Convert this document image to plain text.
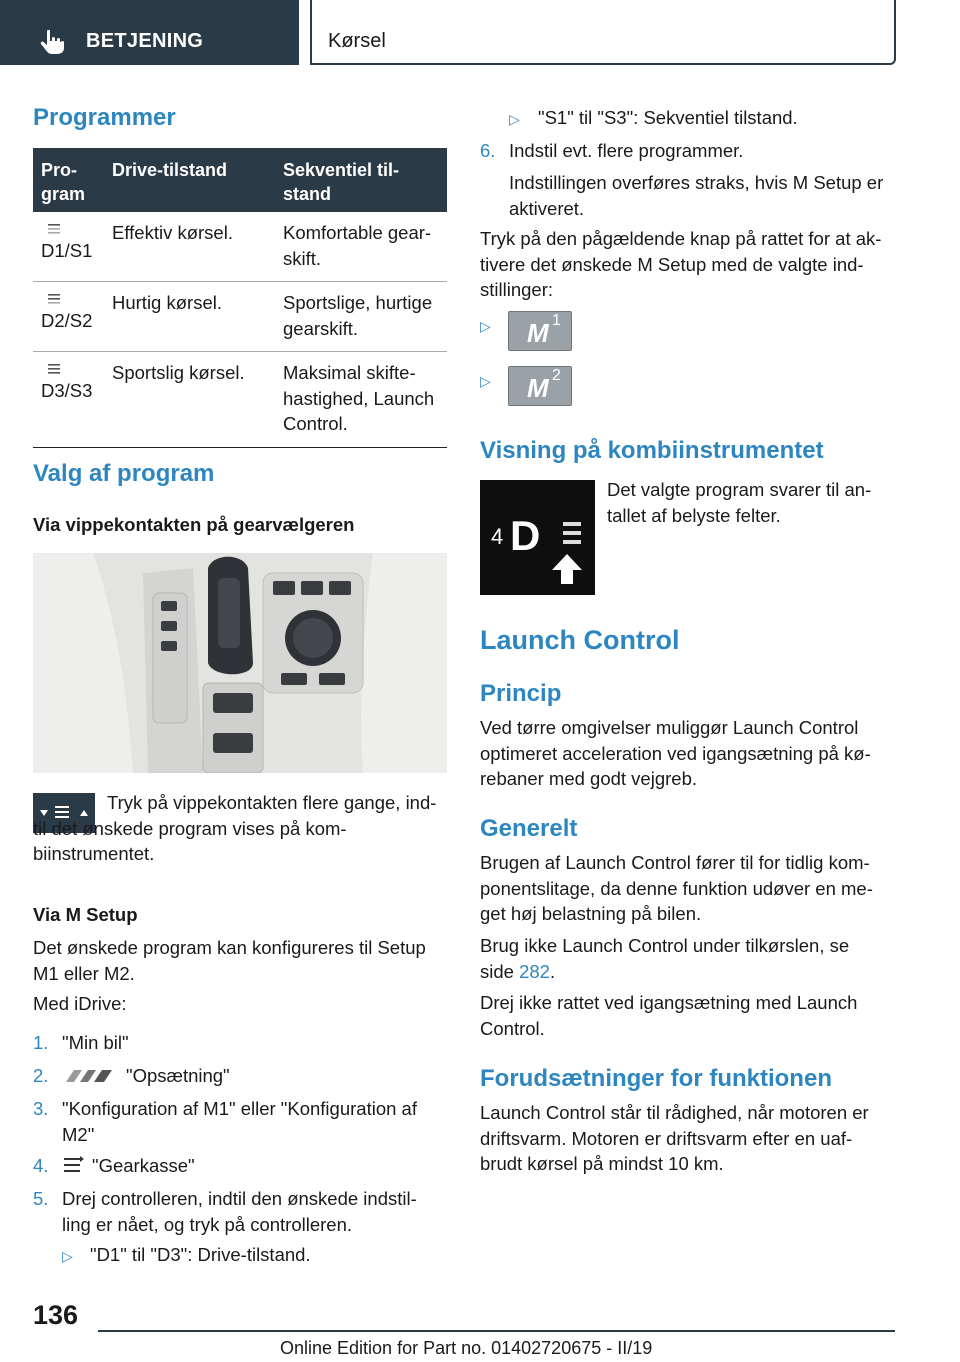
BETJENING	Kørsel
Programmer
Pro-
gram	Drive-tilstand	Sekventiel til-
stand

D1/S1	Effektiv kørsel.	Komfortable gear-
skift.

D2/S2	Hurtig kørsel.	Sportslige, hurtige
gearskift.

D3/S3	Sportslig kørsel.	Maksimal skifte-
hastighed, Launch
Control.
Valg af program
Via vippekontakten på gearvælgeren
Tryk på vippekontakten flere gange, ind-
til det ønskede program vises på kom-
biinstrumentet.
Via M Setup
Det ønskede program kan konfigureres til Setup
M1 eller M2.
Med iDrive:
1. "Min bil"
2.	"Opsætning"
3. "Konfiguration af M1" eller "Konfiguration af
M2"
4. "Gearkasse"
5. Drej controlleren, indtil den ønskede indstil-
ling er nået, og tryk på controlleren.
▷ "D1" til "D3": Drive-tilstand.
▷ "S1" til "S3": Sekventiel tilstand.
6. Indstil evt. flere programmer.
Indstillingen overføres straks, hvis M Setup er
aktiveret.
Tryk på den pågældende knap på rattet for at ak-
tivere det ønskede M Setup med de valgte ind-
stillinger:
▷ M 1
▷ M 2
Visning på kombiinstrumentet
4 D
Det valgte program svarer til an-
tallet af belyste felter.
Launch Control
Princip
Ved tørre omgivelser muliggør Launch Control
optimeret acceleration ved igangsætning på kø-
rebaner med godt vejgreb.
Generelt
Brugen af Launch Control fører til for tidlig kom-
ponentslitage, da denne funktion udøver en me-
get høj belastning på bilen.
Brug ikke Launch Control under tilkørslen, se
side 282.
Drej ikke rattet ved igangsætning med Launch
Control.
Forudsætninger for funktionen
Launch Control står til rådighed, når motoren er
driftsvarm. Motoren er driftsvarm efter en uaf-
brudt kørsel på mindst 10 km.
136
Online Edition for Part no. 01402720675 - II/19
